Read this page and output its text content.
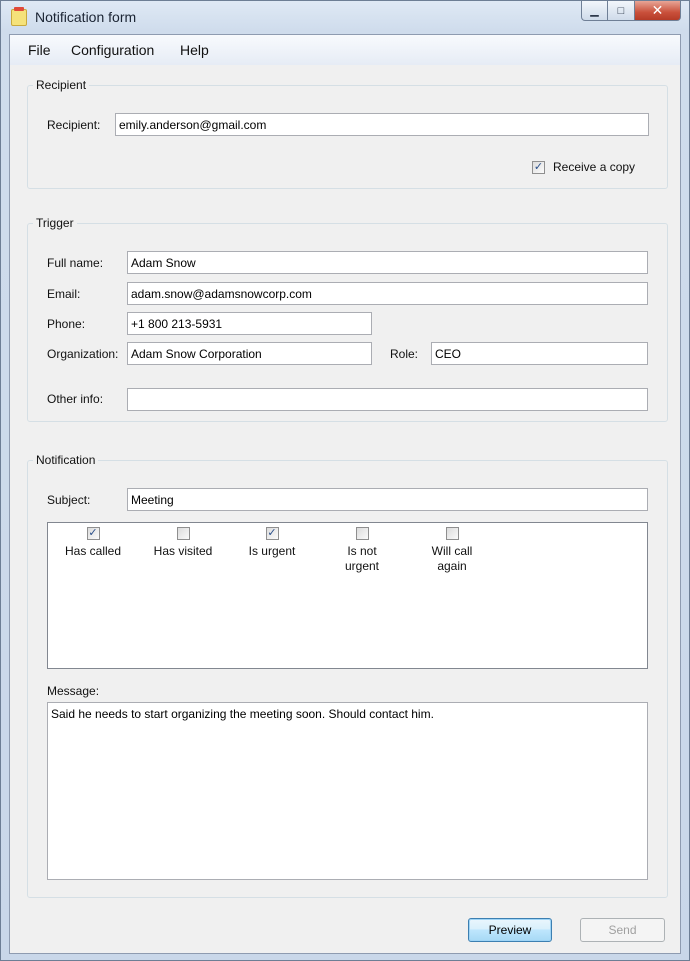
Notification form	▁ □ ✕
File Configuration Help
Recipient
Recipient:
emily.anderson@gmail.com
✓ Receive a copy
Trigger
Full name:
Adam Snow
Email:
adam.snow@adamsnowcorp.com
Phone:
+1 800 213-5931
Organization:
Adam Snow Corporation	Role:
CEO
Other info:
Notification
Subject:
Meeting
✓
Has called	Has visited
✓
Is urgent	Is not
urgent
Will call
again
Message:
Said he needs to start organizing the meeting soon. Should contact him.
Preview	Send
